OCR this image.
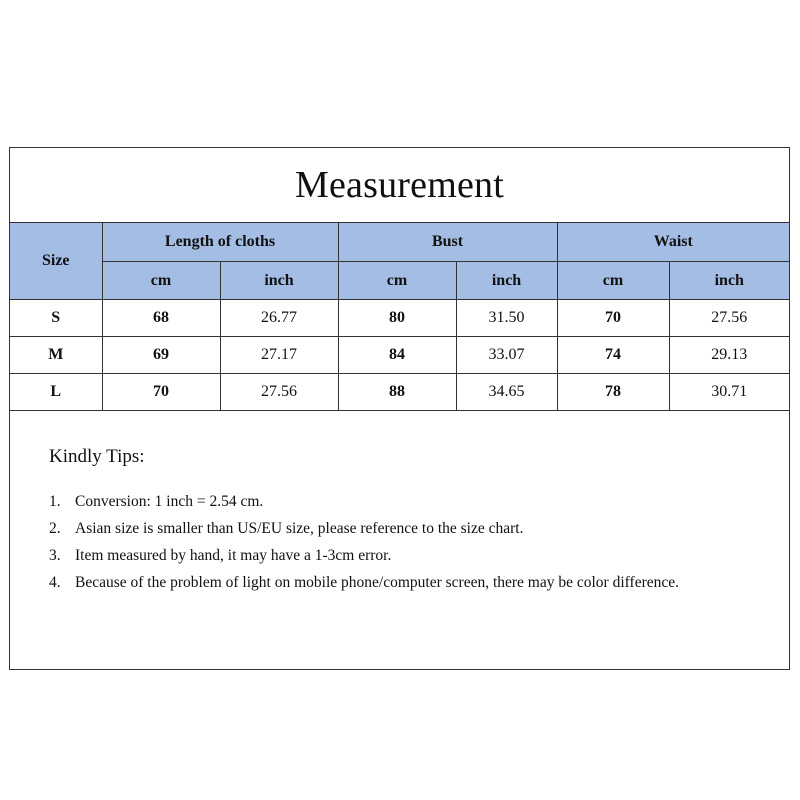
Measurement
Size	Length of cloths		Bust		Waist	
	cm	inch	cm	inch	cm	inch
S	68	26.77	80	31.50	70	27.56
M	69	27.17	84	33.07	74	29.13
L	70	27.56	88	34.65	78	30.71
Kindly Tips:
1. Conversion: 1 inch = 2.54 cm.
2. Asian size is smaller than US/EU size, please reference to the size chart.
3. Item measured by hand, it may have a 1-3cm error.
4. Because of the problem of light on mobile phone/computer screen, there may be color difference.
